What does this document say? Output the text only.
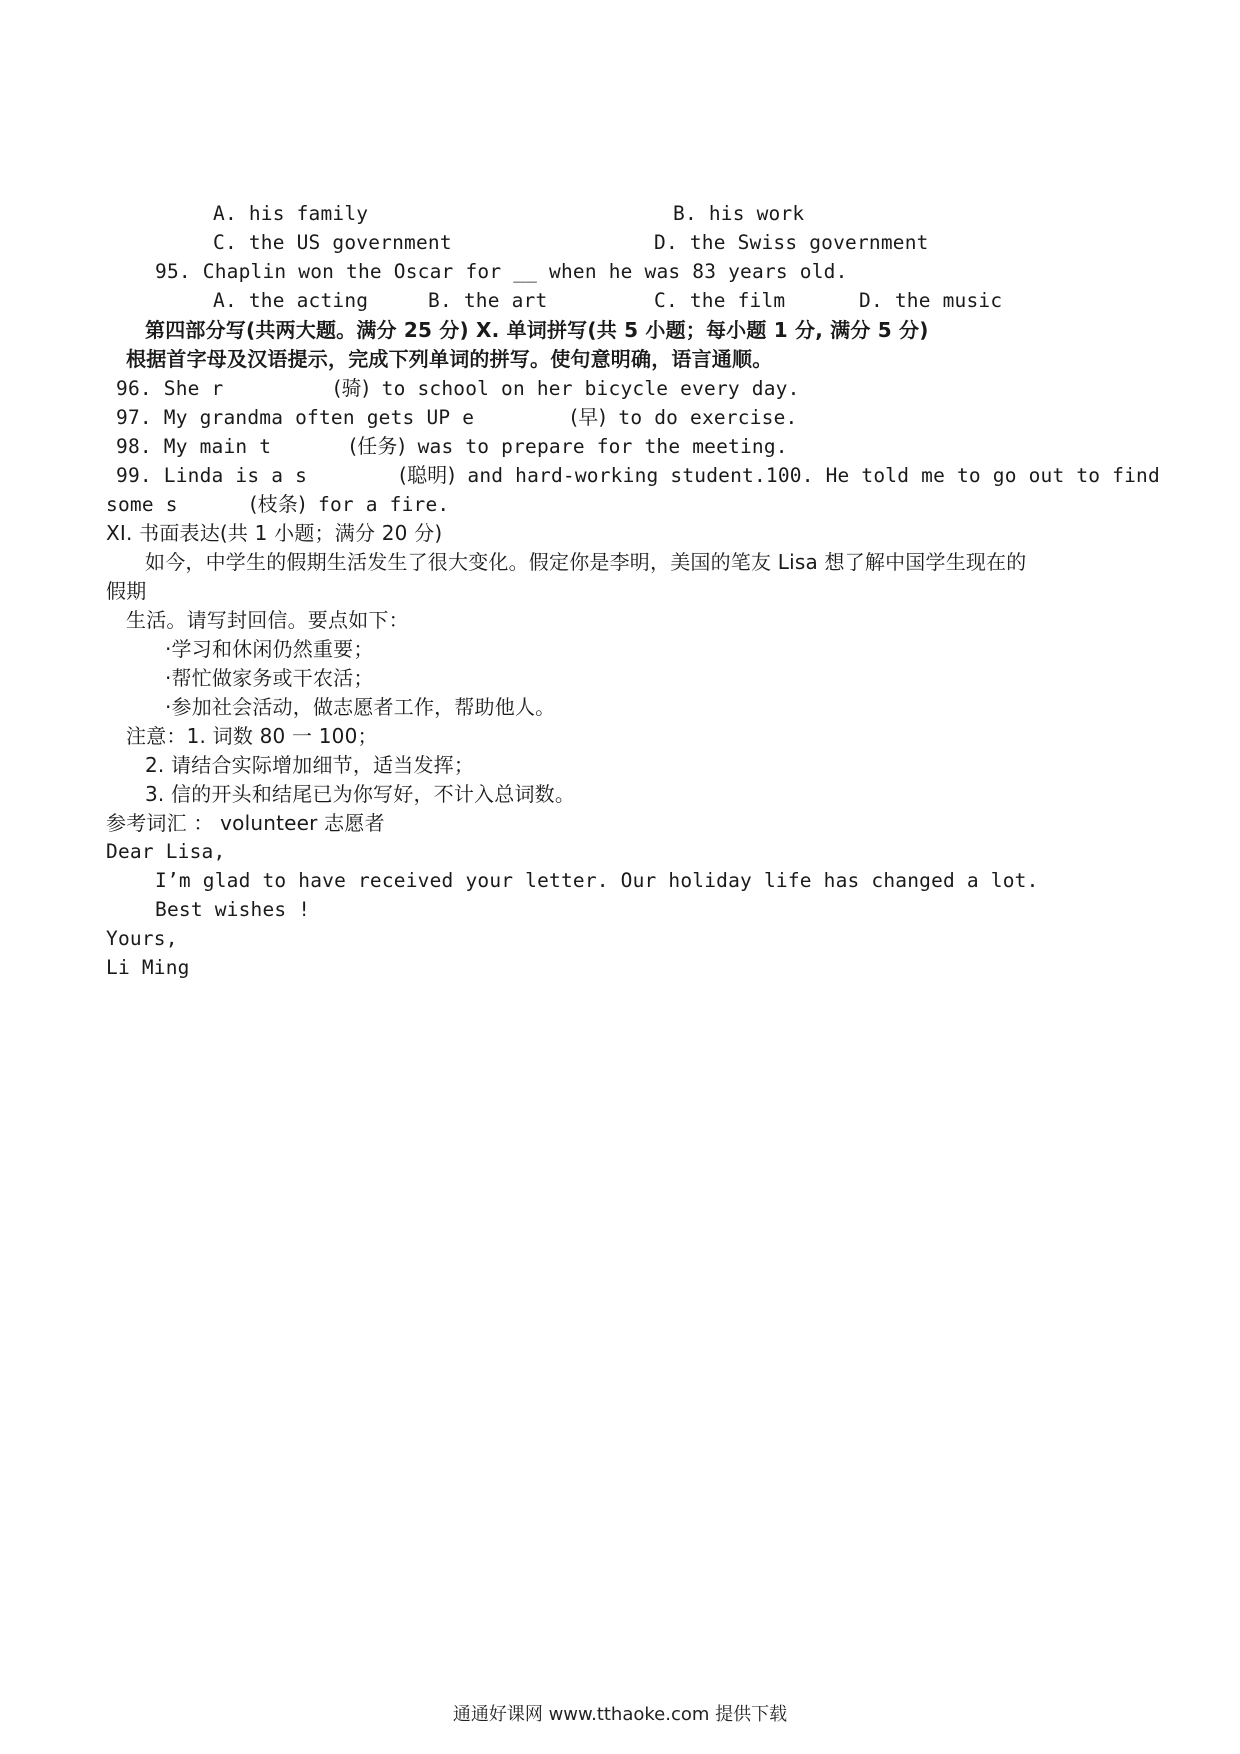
A. his family	B. his work
C. the US government	D. the Swiss government
95. Chaplin won the Oscar for __ when he was 83 years old.
A. the acting	B. the art	C. the film	D. the music
第四部分写(共两大题。满分 25 分) X. 单词拼写(共 5 小题；每小题 1 分, 满分 5 分)
根据首字母及汉语提示，完成下列单词的拼写。使句意明确，语言通顺。
96. She r	(骑) to school on her bicycle every day.
97. My grandma often gets UP e	(早) to do exercise.
98. My main t	(任务) was to prepare for the meeting.
99. Linda is a s	(聪明) and hard-working student.100. He told me to go out to find
some s	(枝条) for a fire.
XI. 书面表达(共 1 小题；满分 20 分)
如今，中学生的假期生活发生了很大变化。假定你是李明，美国的笔友 Lisa 想了解中国学生现在的
假期
生活。请写封回信。要点如下：
·学习和休闲仍然重要；
·帮忙做家务或干农活；
·参加社会活动，做志愿者工作，帮助他人。
注意：1. 词数 80 一 100；
2. 请结合实际增加细节，适当发挥；
3. 信的开头和结尾已为你写好，不计入总词数。
参考词汇 ： volunteer 志愿者
Dear Lisa,
I’m glad to have received your letter. Our holiday life has changed a lot.
Best wishes !
Yours,
Li Ming
通通好课网 www.tthaoke.com 提供下载
